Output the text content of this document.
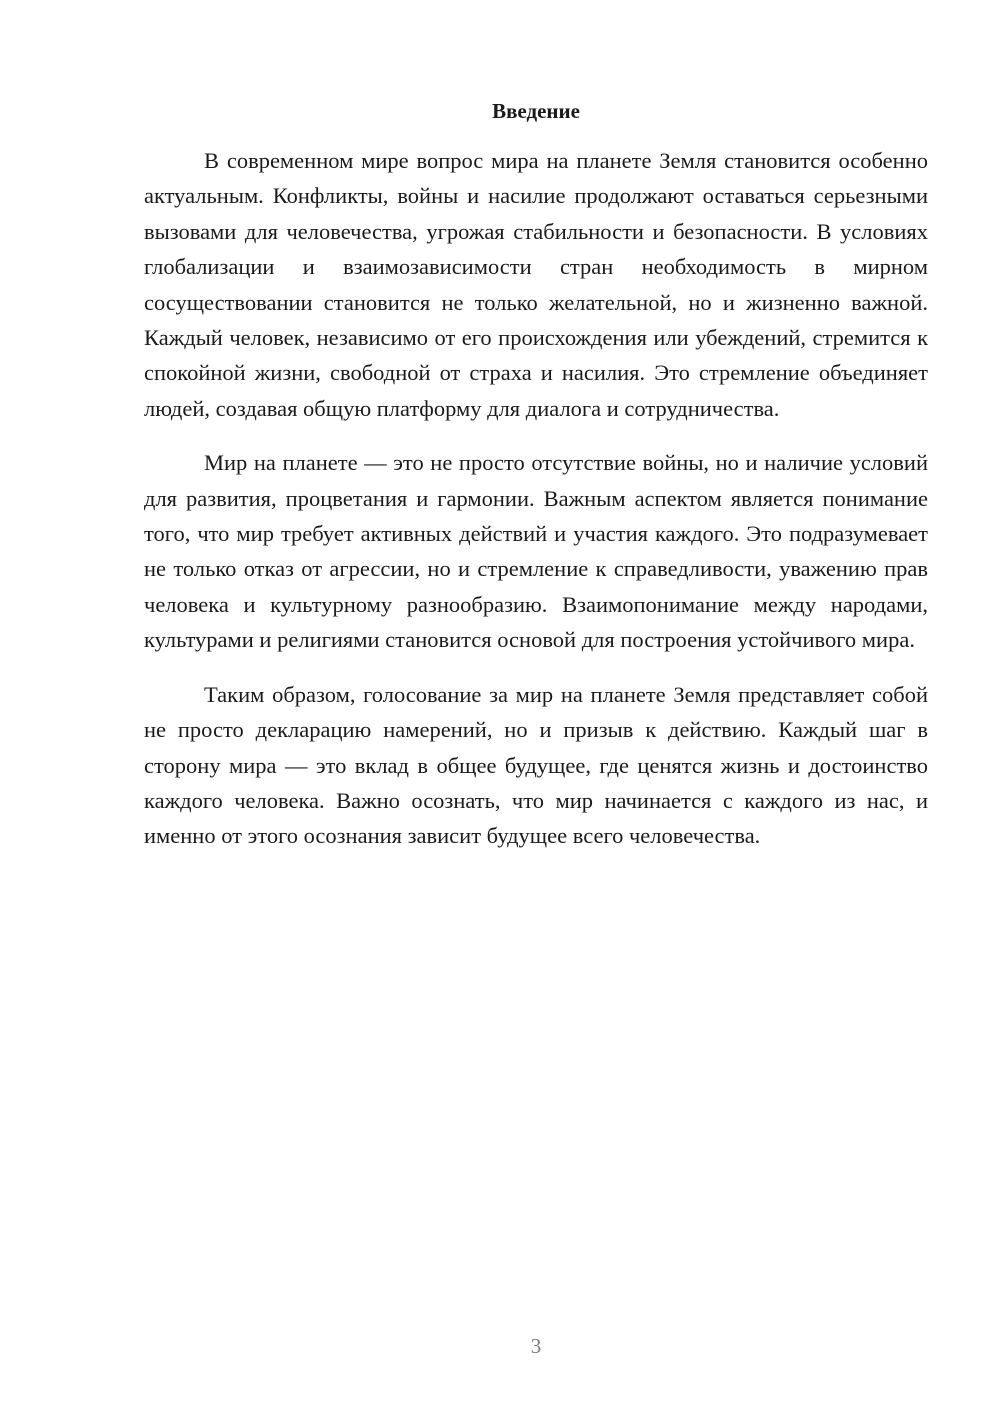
Введение

В современном мире вопрос мира на планете Земля становится особенно актуальным. Конфликты, войны и насилие продолжают оставаться серьезными вызовами для человечества, угрожая стабильности и безопасности. В условиях глобализации и взаимозависимости стран необходимость в мирном сосуществовании становится не только желательной, но и жизненно важной. Каждый человек, независимо от его происхождения или убеждений, стремится к спокойной жизни, свободной от страха и насилия. Это стремление объединяет людей, создавая общую платформу для диалога и сотрудничества.

Мир на планете — это не просто отсутствие войны, но и наличие условий для развития, процветания и гармонии. Важным аспектом является понимание того, что мир требует активных действий и участия каждого. Это подразумевает не только отказ от агрессии, но и стремление к справедливости, уважению прав человека и культурному разнообразию. Взаимопонимание между народами, культурами и религиями становится основой для построения устойчивого мира.

Таким образом, голосование за мир на планете Земля представляет собой не просто декларацию намерений, но и призыв к действию. Каждый шаг в сторону мира — это вклад в общее будущее, где ценятся жизнь и достоинство каждого человека. Важно осознать, что мир начинается с каждого из нас, и именно от этого осознания зависит будущее всего человечества.

3
